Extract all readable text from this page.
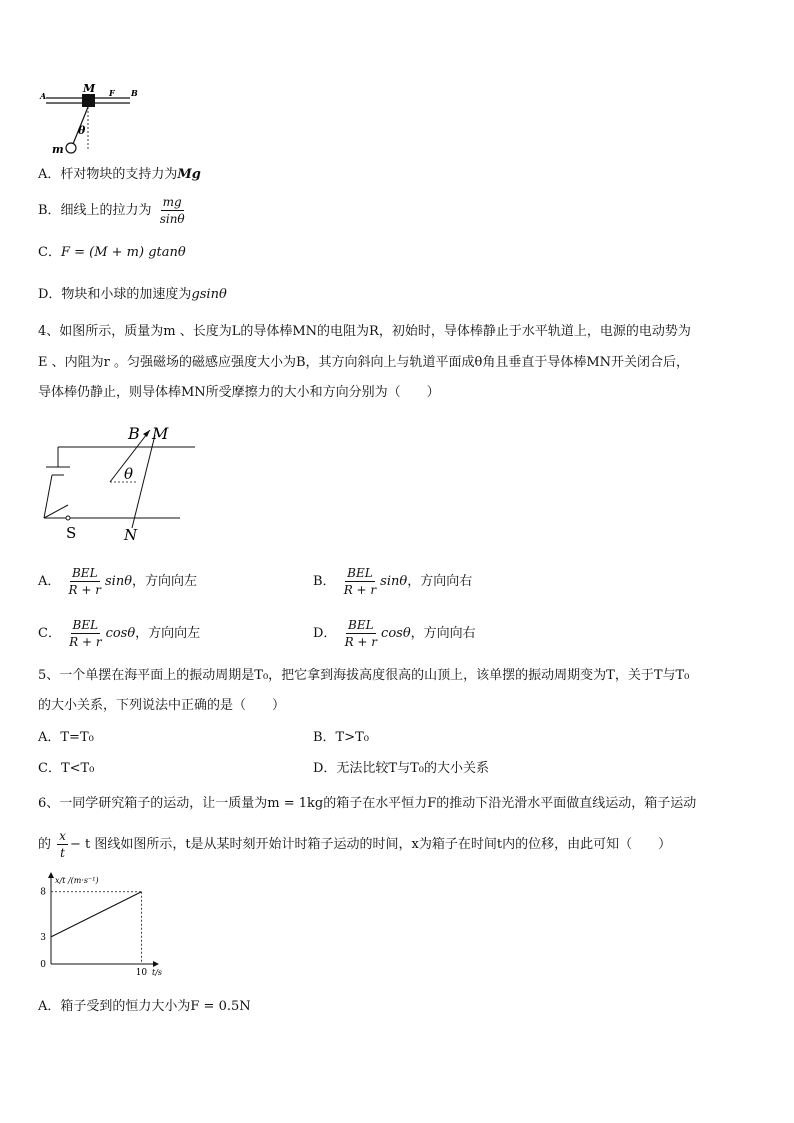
A
M F B
θ
m
A．杆对物块的支持力为Mg
B．细线上的拉力为 $\frac{mg}{\sin\theta}$
C．F = (M + m) gtanθ
D．物块和小球的加速度为gsinθ
4、如图所示，质量为m 、长度为L的导体棒MN的电阻为R，初始时，导体棒静止于水平轨道上，电源的电动势为
E 、内阻为r 。匀强磁场的磁感应强度大小为B，其方向斜向上与轨道平面成θ角且垂直于导体棒MN开关闭合后，
导体棒仍静止，则导体棒MN所受摩擦力的大小和方向分别为（　　）
B M
θ
S	N
A． $\frac{\text{BEL}}{R + r}$ sinθ，方向向左	B． $\frac{\text{BEL}}{R + r}$ sinθ，方向向右
C． $\frac{\text{BEL}}{R + r}$ cosθ，方向向左	D． $\frac{\text{BEL}}{R + r}$ cosθ，方向向右
5、一个单摆在海平面上的振动周期是T₀，把它拿到海拔高度很高的山顶上，该单摆的振动周期变为T，关于T与T₀
的大小关系，下列说法中正确的是（　　）
A．T=T₀	B．T>T₀
C．T<T₀	D．无法比较T与T₀的大小关系
6、一同学研究箱子的运动，让一质量为m = 1kg的箱子在水平恒力F的推动下沿光滑水平面做直线运动，箱子运动
的 $\frac{x}{t} - t$ 图线如图所示，t是从某时刻开始计时箱子运动的时间，x为箱子在时间t内的位移，由此可知（　　）
0
3
8
10
x/t /(m·s⁻¹)
t/s
A．箱子受到的恒力大小为F = 0.5N
